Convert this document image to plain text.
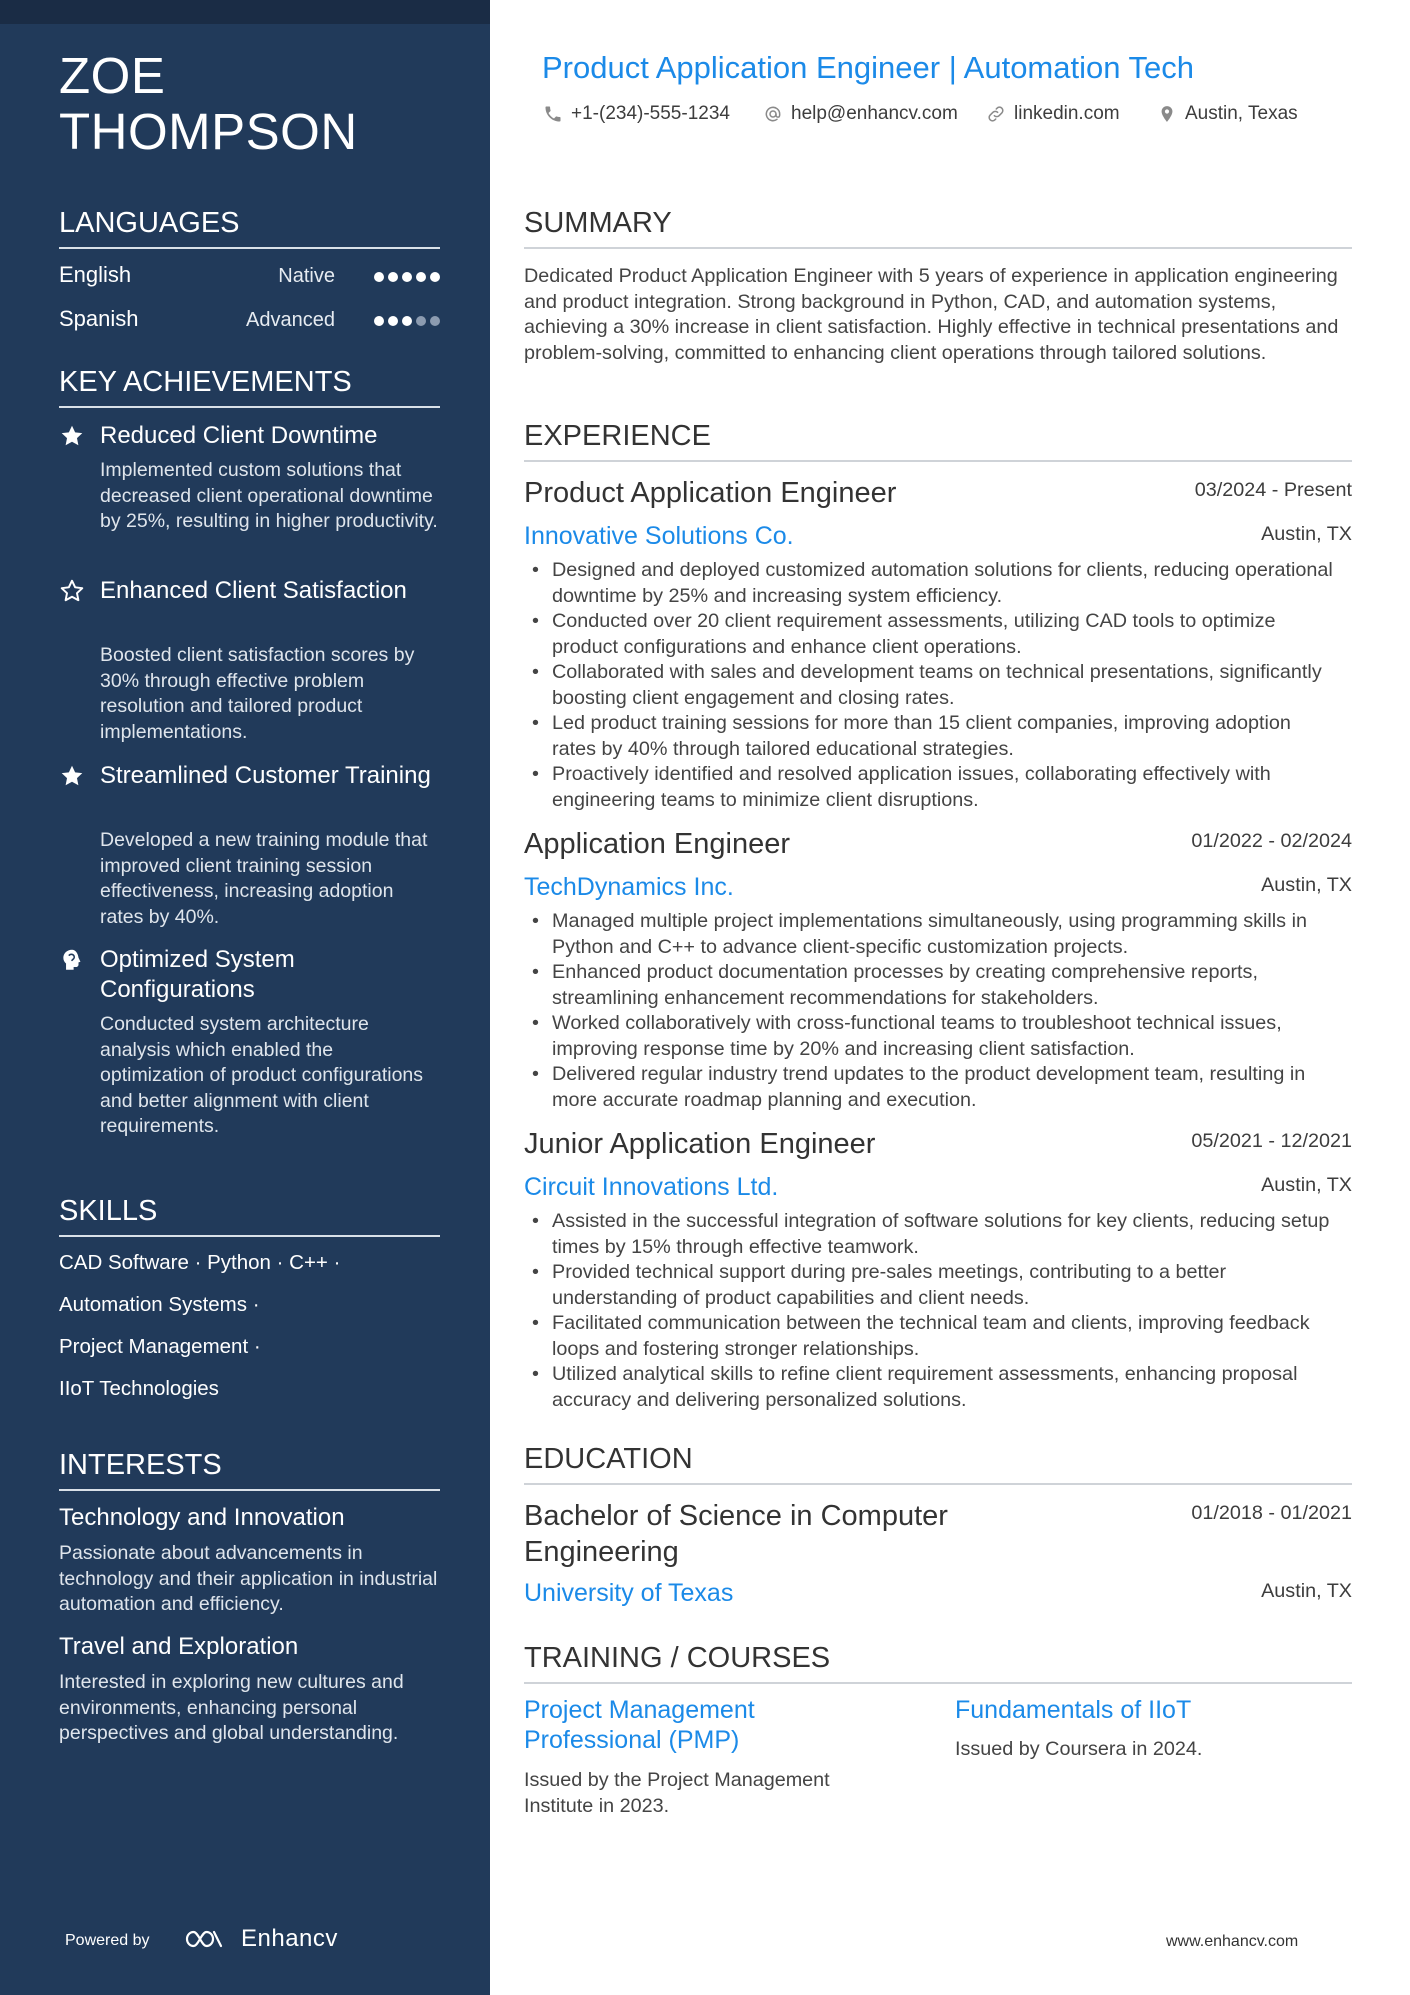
ZOE
THOMPSON
LANGUAGES
English	Native
Spanish	Advanced
KEY ACHIEVEMENTS
Reduced Client Downtime
Implemented custom solutions that decreased client operational downtime by 25%, resulting in higher productivity.
Enhanced Client Satisfaction
Boosted client satisfaction scores by 30% through effective problem resolution and tailored product implementations.
Streamlined Customer Training
Developed a new training module that improved client training session effectiveness, increasing adoption rates by 40%.
Optimized System Configurations
Conducted system architecture analysis which enabled the optimization of product configurations and better alignment with client requirements.
SKILLS
CAD Software · Python · C++ ·
Automation Systems ·
Project Management ·
IIoT Technologies
INTERESTS
Technology and Innovation
Passionate about advancements in technology and their application in industrial automation and efficiency.
Travel and Exploration
Interested in exploring new cultures and environments, enhancing personal perspectives and global understanding.
Powered by	Enhancv
Product Application Engineer | Automation Tech
+1-(234)-555-1234	help@enhancv.com	linkedin.com	Austin, Texas
SUMMARY
Dedicated Product Application Engineer with 5 years of experience in application engineering and product integration. Strong background in Python, CAD, and automation systems, achieving a 30% increase in client satisfaction. Highly effective in technical presentations and problem-solving, committed to enhancing client operations through tailored solutions.
EXPERIENCE
Product Application Engineer	03/2024 - Present
Innovative Solutions Co.	Austin, TX
• Designed and deployed customized automation solutions for clients, reducing operational downtime by 25% and increasing system efficiency.
• Conducted over 20 client requirement assessments, utilizing CAD tools to optimize product configurations and enhance client operations.
• Collaborated with sales and development teams on technical presentations, significantly boosting client engagement and closing rates.
• Led product training sessions for more than 15 client companies, improving adoption rates by 40% through tailored educational strategies.
• Proactively identified and resolved application issues, collaborating effectively with engineering teams to minimize client disruptions.
Application Engineer	01/2022 - 02/2024
TechDynamics Inc.	Austin, TX
• Managed multiple project implementations simultaneously, using programming skills in Python and C++ to advance client-specific customization projects.
• Enhanced product documentation processes by creating comprehensive reports, streamlining enhancement recommendations for stakeholders.
• Worked collaboratively with cross-functional teams to troubleshoot technical issues, improving response time by 20% and increasing client satisfaction.
• Delivered regular industry trend updates to the product development team, resulting in more accurate roadmap planning and execution.
Junior Application Engineer	05/2021 - 12/2021
Circuit Innovations Ltd.	Austin, TX
• Assisted in the successful integration of software solutions for key clients, reducing setup times by 15% through effective teamwork.
• Provided technical support during pre-sales meetings, contributing to a better understanding of product capabilities and client needs.
• Facilitated communication between the technical team and clients, improving feedback loops and fostering stronger relationships.
• Utilized analytical skills to refine client requirement assessments, enhancing proposal accuracy and delivering personalized solutions.
EDUCATION
Bachelor of Science in Computer
Engineering
01/2018 - 01/2021
University of Texas	Austin, TX
TRAINING / COURSES
Project Management Professional (PMP)
Issued by the Project Management Institute in 2023.
Fundamentals of IIoT
Issued by Coursera in 2024.
www.enhancv.com
